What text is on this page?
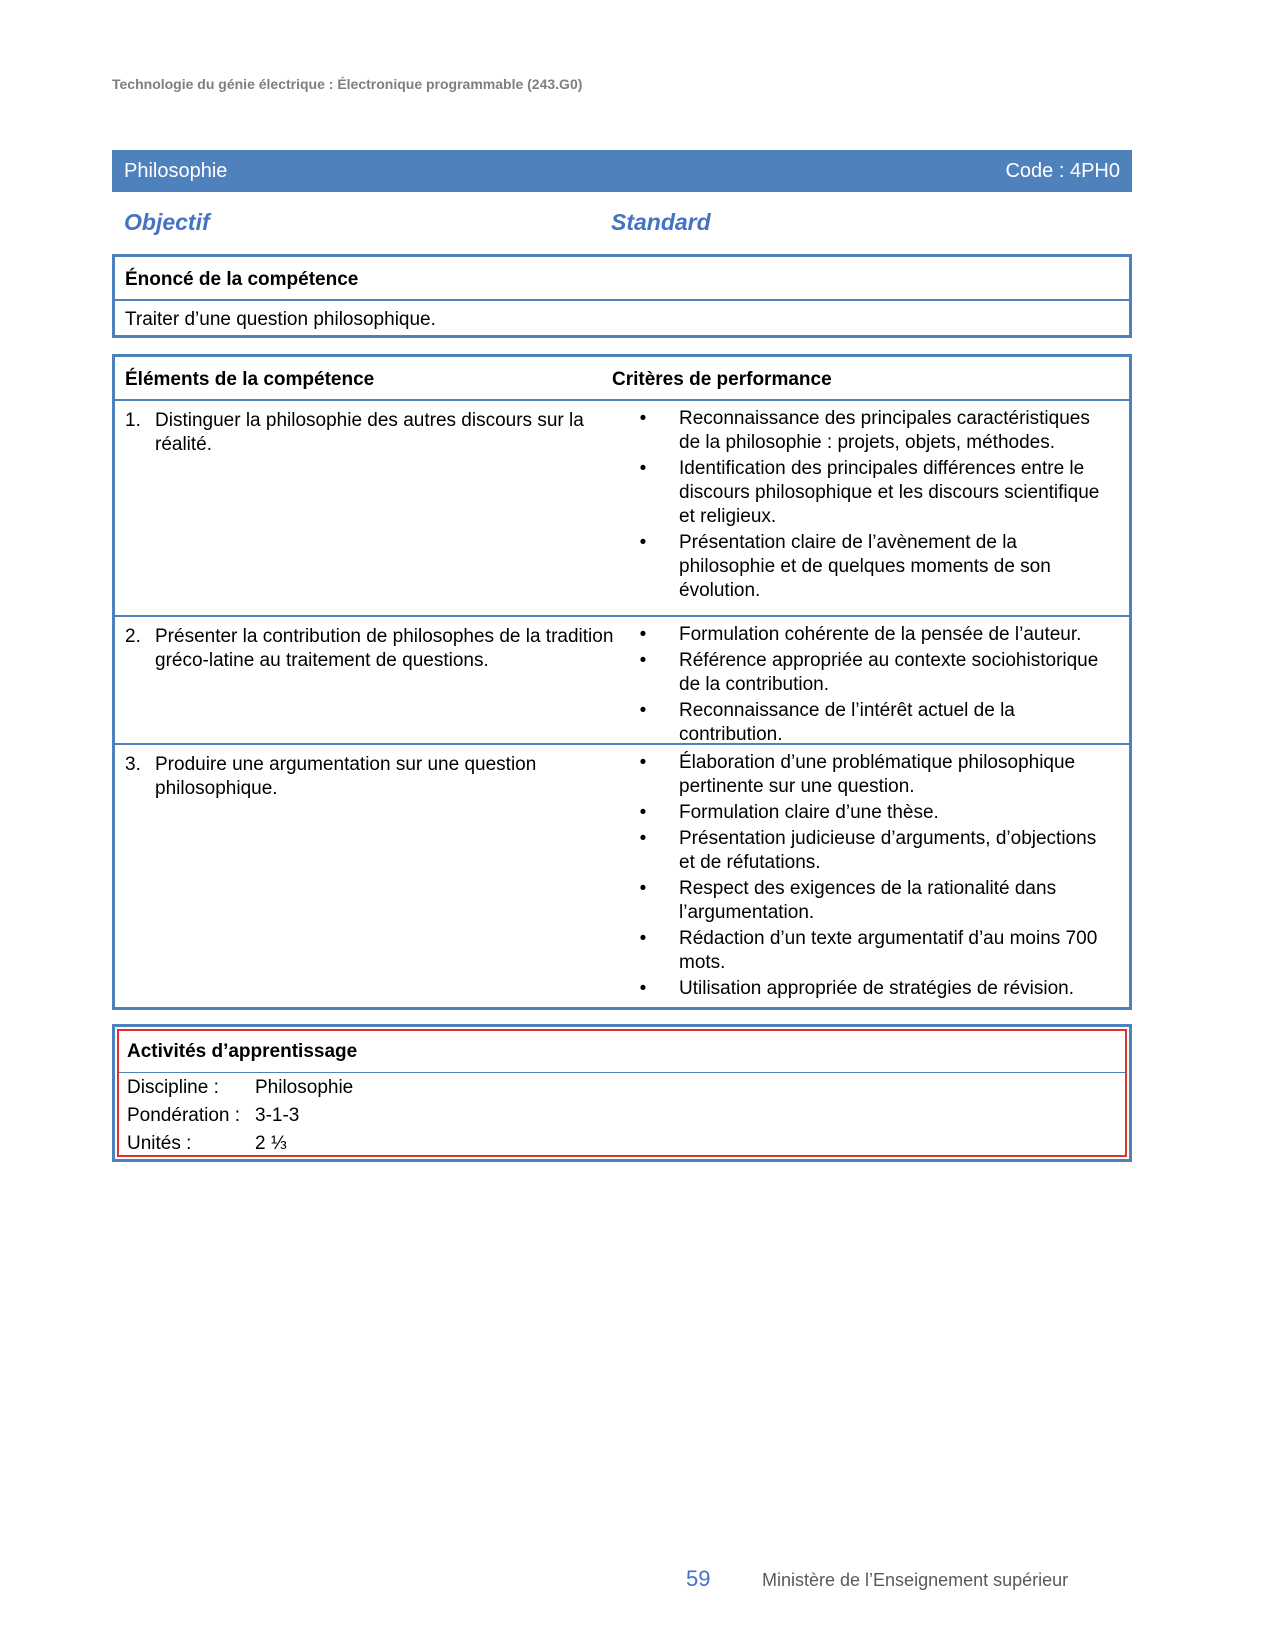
Technologie du génie électrique : Électronique programmable (243.G0)
Philosophie	Code : 4PH0
Objectif	Standard
Énoncé de la compétence
Traiter d’une question philosophique.
Éléments de la compétence	Critères de performance
1. Distinguer la philosophie des autres discours sur la réalité.
• Reconnaissance des principales caractéristiques de la philosophie : projets, objets, méthodes.
• Identification des principales différences entre le discours philosophique et les discours scientifique et religieux.
• Présentation claire de l’avènement de la philosophie et de quelques moments de son évolution.
2. Présenter la contribution de philosophes de la tradition gréco-latine au traitement de questions.
• Formulation cohérente de la pensée de l’auteur.
• Référence appropriée au contexte sociohistorique de la contribution.
• Reconnaissance de l’intérêt actuel de la contribution.
3. Produire une argumentation sur une question philosophique.
• Élaboration d’une problématique philosophique pertinente sur une question.
• Formulation claire d’une thèse.
• Présentation judicieuse d’arguments, d’objections et de réfutations.
• Respect des exigences de la rationalité dans l’argumentation.
• Rédaction d’un texte argumentatif d’au moins 700 mots.
• Utilisation appropriée de stratégies de révision.
Activités d’apprentissage
Discipline : Philosophie
Pondération : 3-1-3
Unités :	2 ⅓
59	Ministère de l’Enseignement supérieur
